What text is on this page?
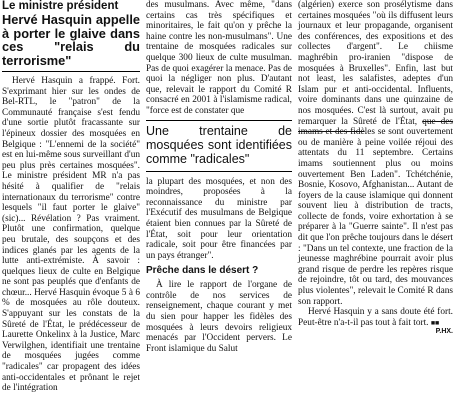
Le ministre président
Hervé Hasquin appelle à porter le glaive dans ces "relais du terrorisme"

Hervé Hasquin a frappé. Fort. S'exprimant hier sur les ondes de Bel-RTL, le "patron" de la Communauté française s'est fendu d'une sortie plutôt fracassante sur l'épineux dossier des mosquées en Belgique : "L'ennemi de la société" est en lui-même sous surveillant d'un peu plus près certaines mosquées". Le ministre président MR n'a pas hésité à qualifier de "relais internationaux du terrorisme" contre lesquels "il faut porter le glaive" (sic)... Révélation ? Pas vraiment. Plutôt une confirmation, quelque peu brutale, des soupçons et des indices glanés par les agents de la lutte anti-extrémiste. À savoir : quelques lieux de culte en Belgique ne sont pas peuplés que d'enfants de chœur... Hervé Hasquin évoque 5 à 6 % de mosquées au rôle douteux. S'appuyant sur les constats de la Sûreté de l'État, le prédécesseur de Laurette Onkelinx à la Justice, Marc Verwilghen, identifiait une trentaine de mosquées jugées comme "radicales" car propagent des idées anti-occidentales et prônant le rejet de l'intégration

des musulmans. Avec même, "dans certains cas très spécifiques et minoritaires, le fait qu'on y prêche la haine contre les non-musulmans". Une trentaine de mosquées radicales sur quelque 300 lieux de culte musulman. Pas de quoi exagérer la menace. Pas de quoi la négliger non plus. D'autant que, relevait le rapport du Comité R consacré en 2001 à l'islamisme radical, "force est de constater que

Une trentaine de mosquées sont identifiées comme "radicales"

la plupart des mosquées, et non des moindres, proposées à la reconnaissance du ministre par l'Exécutif des musulmans de Belgique étaient bien connues par la Sûreté de l'État, soit pour leur orientation radicale, soit pour être financées par un pays étranger".

Prêche dans le désert ?

À lire le rapport de l'organe de contrôle de nos services de renseignement, chaque courant y met du sien pour happer les fidèles des mosquées à leurs devoirs religieux menacés par l'Occident pervers. Le Front islamique du Salut

(algérien) exerce son prosélytisme dans certaines mosquées "où ils diffusent leurs journaux et leur propagande, organisent des conférences, des expositions et des collectes d'argent". Le chiisme maghrébin pro-iranien "dispose de mosquées à Bruxelles". Enfin, last but not least, les salafistes, adeptes d'un Islam pur et anti-occidental. Influents, voire dominants dans une quinzaine de nos mosquées. C'est là surtout, avait pu remarquer la Sûreté de l'État, que des imams et des fidèles se sont ouvertement ou de manière à peine voilée réjoui des attentats du 11 septembre. Certains imams soutiennent plus ou moins ouvertement Ben Laden". Tchétchénie, Bosnie, Kosovo, Afghanistan... Autant de foyers de la cause islamique qui donnent souvent lieu à distribution de tracts, collecte de fonds, voire exhortation à se préparer à la "Guerre sainte". Il n'est pas dit que l'on prêche toujours dans le désert : "Dans un tel contexte, une fraction de la jeunesse maghrébine pourrait avoir plus grand risque de perdre les repères risque de rejoindre, tôt ou tard, des mouvances plus violentes", relevait le Comité R dans son rapport.

Hervé Hasquin y a sans doute été fort. Peut-être n'a-t-il pas tout à fait tort. ■■
P.HX.
